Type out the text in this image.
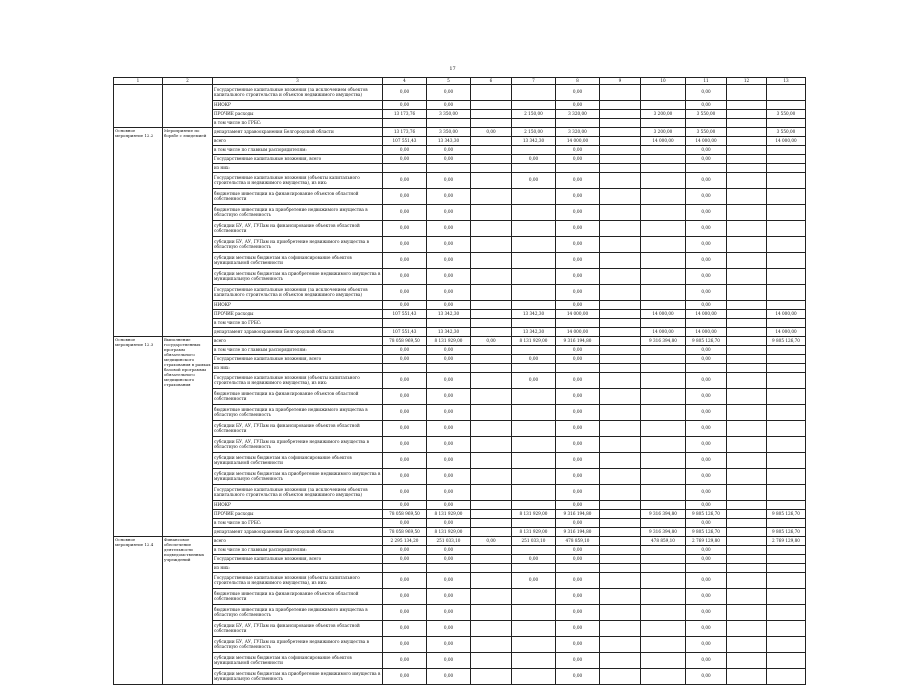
17
1	2	3	4	5	6	7	8	9	10	11	12	13
		Государственные капитальные вложения (за исключением объектов капитального строительства и объектов недвижимого имущества)	0,00	0,00			0,00			0,00		
		НИОКР	0,00	0,00			0,00			0,00		
		ПРОЧИЕ расходы	13 173,76	3 350,00		2 150,00	3 320,00		3 200,00	3 550,00		3 550,00
		в том числе по ГРБС:										
Основное мероприятие 12.2	Мероприятие по борьбе с эпидемией	департамент здравоохранения Белгородской области	13 173,76	3 350,00	0,00	2 150,00	3 320,00		3 200,00	3 550,00		3 550,00
		всего	107 551,43	13 343,30		13 342,30	14 000,00		14 000,00	14 000,00		14 000,00
		в том числе по главным распорядителям:	0,00	0,00			0,00			0,00		
		Государственные капитальные вложения, всего	0,00	0,00		0,00	0,00			0,00		
		из них:										
		Государственные капитальные вложения (объекты капитального строительства и недвижимого имущества), из них:	0,00	0,00		0,00	0,00			0,00		
		бюджетные инвестиции на финансирование объектов областной собственности	0,00	0,00			0,00			0,00		
		бюджетные инвестиции на приобретение недвижимого имущества в областную собственность	0,00	0,00			0,00			0,00		
		субсидии БУ, АУ, ГУПам на финансирование объектов областной собственности	0,00	0,00			0,00			0,00		
		субсидии БУ, АУ, ГУПам на приобретение недвижимого имущества в областную собственность	0,00	0,00			0,00			0,00		
		субсидии местным бюджетам на софинансирование объектов муниципальной собственности	0,00	0,00			0,00			0,00		
		субсидии местным бюджетам на приобретение недвижимого имущества в муниципальную собственность	0,00	0,00			0,00			0,00		
		Государственные капитальные вложения (за исключением объектов капитального строительства и объектов недвижимого имущества)	0,00	0,00			0,00			0,00		
		НИОКР	0,00	0,00			0,00			0,00		
		ПРОЧИЕ расходы	107 551,43	13 342,30		13 342,30	14 000,00		14 000,00	14 000,00		14 000,00
		в том числе по ГРБС:										
		департамент здравоохранения Белгородской области	107 551,43	13 342,30		13 342,30	14 000,00		14 000,00	14 000,00		14 000,00
Основное мероприятие 12.3	Выполнение государственных программ обязательного медицинского страхования в рамках базовой программы обязательного медицинского страхования	всего	78 058 969,50	8 131 929,00	0,00	8 131 929,00	9 316 194,80		9 316 394,80	9 805 126,70		9 805 126,70
		в том числе по главным распорядителям:	0,00	0,00			0,00			0,00		
		Государственные капитальные вложения, всего	0,00	0,00		0,00	0,00			0,00		
		из них:										
		Государственные капитальные вложения (объекты капитального строительства и недвижимого имущества), из них:	0,00	0,00		0,00	0,00			0,00		
		бюджетные инвестиции на финансирование объектов областной собственности	0,00	0,00			0,00			0,00		
		бюджетные инвестиции на приобретение недвижимого имущества в областную собственность	0,00	0,00			0,00			0,00		
		субсидии БУ, АУ, ГУПам на финансирование объектов областной собственности	0,00	0,00			0,00			0,00		
		субсидии БУ, АУ, ГУПам на приобретение недвижимого имущества в областную собственность	0,00	0,00			0,00			0,00		
		субсидии местным бюджетам на софинансирование объектов муниципальной собственности	0,00	0,00			0,00			0,00		
		субсидии местным бюджетам на приобретение недвижимого имущества в муниципальную собственность	0,00	0,00			0,00			0,00		
		Государственные капитальные вложения (за исключением объектов капитального строительства и объектов недвижимого имущества)	0,00	0,00			0,00			0,00		
		НИОКР	0,00	0,00			0,00			0,00		
		ПРОЧИЕ расходы	78 058 969,50	8 131 929,00		8 131 929,00	9 316 194,80		9 316 394,80	9 805 126,70		9 805 126,70
		в том числе по ГРБС:	0,00	0,00			0,00			0,00		
		департамент здравоохранения Белгородской области	78 058 969,50	8 131 929,00		8 131 929,00	9 316 194,80		9 316 394,80	9 805 126,70		9 805 126,70
Основное мероприятие 12.4	Финансовое обеспечение деятельности подведомственных учреждений	всего	2 295 134,20	251 033,10	0,00	251 033,10	478 859,10		478 859,10	2 769 129,80		2 769 129,80
		в том числе по главным распорядителям:	0,00	0,00			0,00			0,00		
		Государственные капитальные вложения, всего	0,00	0,00		0,00	0,00			0,00		
		из них:										
		Государственные капитальные вложения (объекты капитального строительства и недвижимого имущества), из них:	0,00	0,00		0,00	0,00			0,00		
		бюджетные инвестиции на финансирование объектов областной собственности	0,00	0,00			0,00			0,00		
		бюджетные инвестиции на приобретение недвижимого имущества в областную собственность	0,00	0,00			0,00			0,00		
		субсидии БУ, АУ, ГУПам на финансирование объектов областной собственности	0,00	0,00			0,00			0,00		
		субсидии БУ, АУ, ГУПам на приобретение недвижимого имущества в областную собственность	0,00	0,00			0,00			0,00		
		субсидии местным бюджетам на софинансирование объектов муниципальной собственности	0,00	0,00			0,00			0,00		
		субсидии местным бюджетам на приобретение недвижимого имущества в муниципальную собственность	0,00	0,00			0,00			0,00		
